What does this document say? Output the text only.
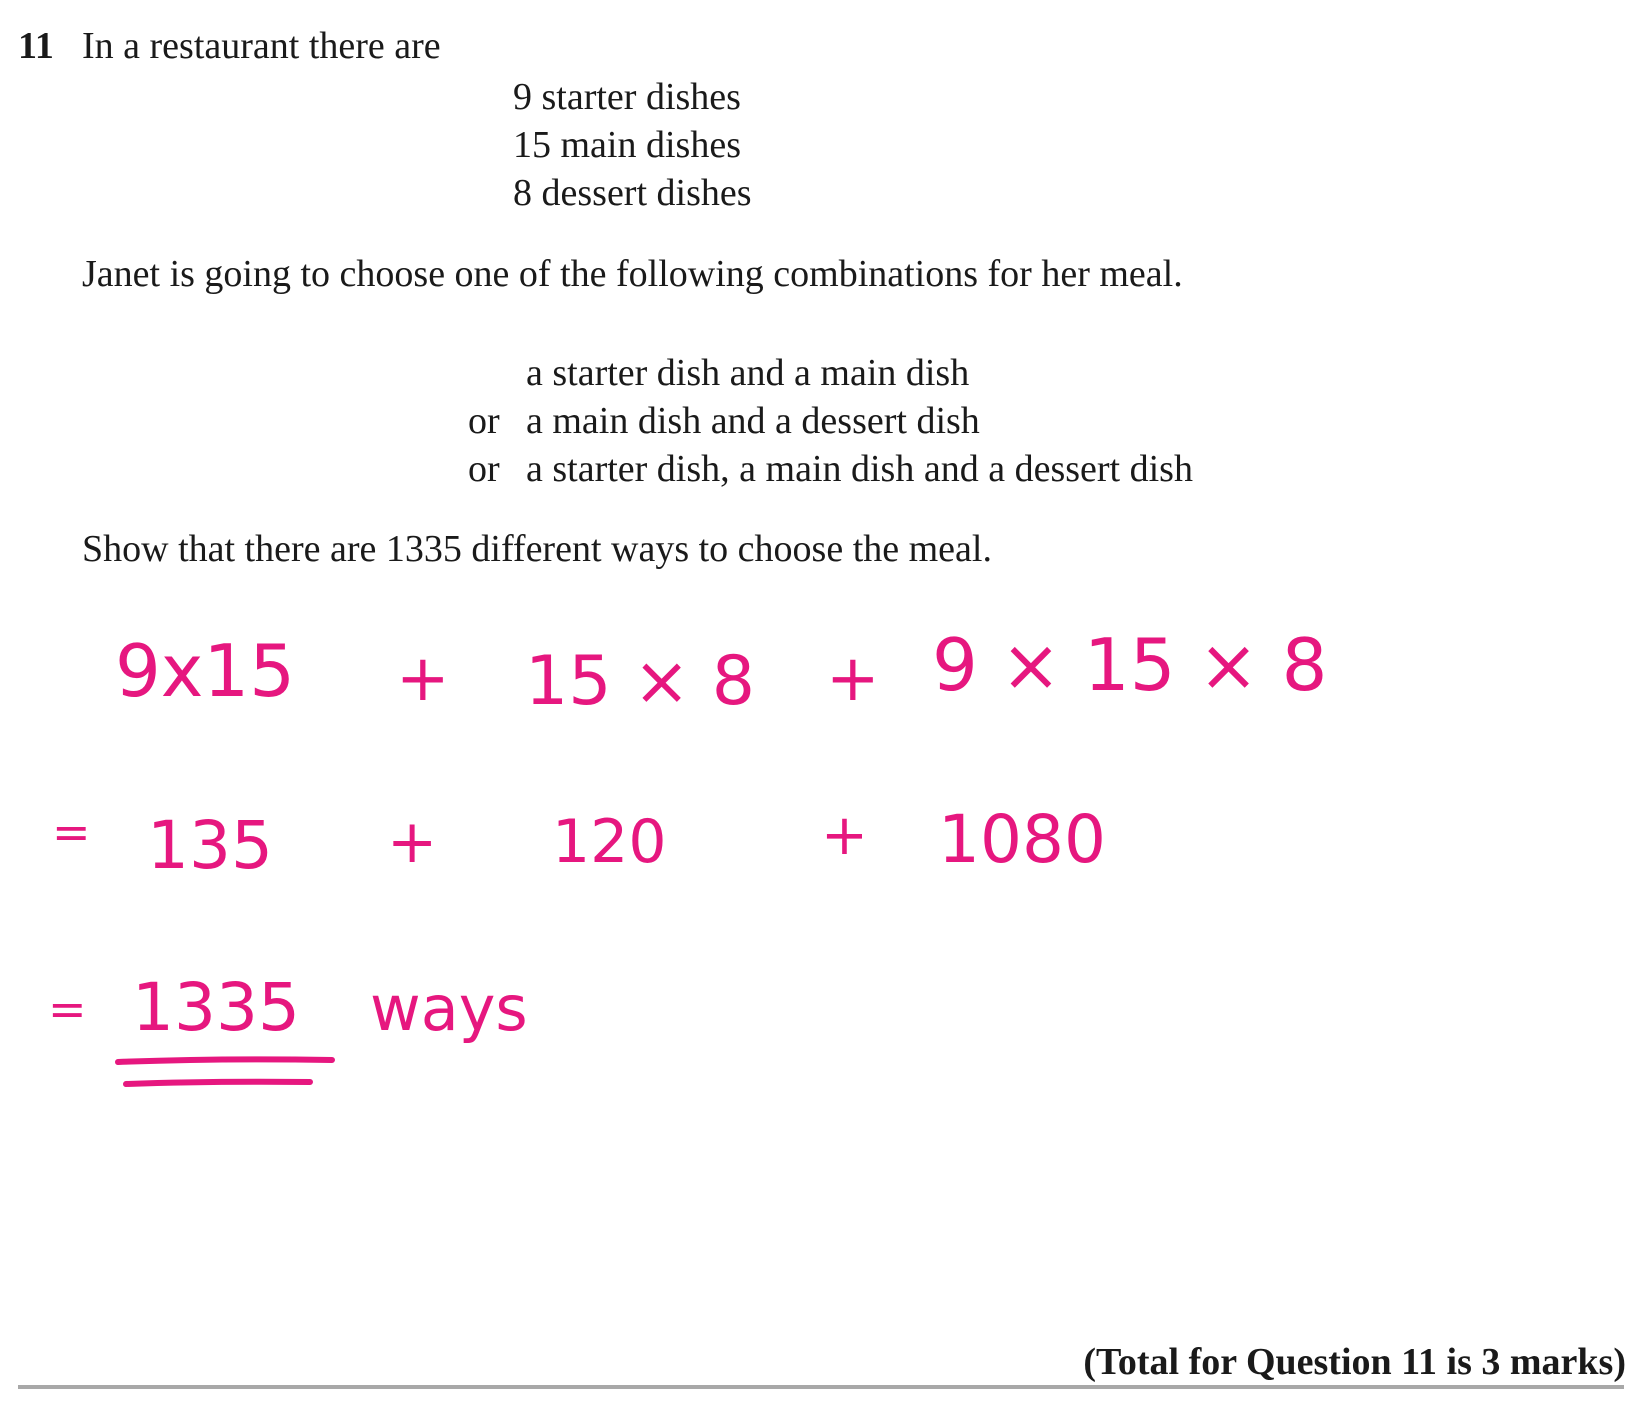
11 In a restaurant there are
9 starter dishes
15 main dishes
8 dessert dishes
Janet is going to choose one of the following combinations for her meal.
a starter dish and a main dish
or a main dish and a dessert dish
or a starter dish, a main dish and a dessert dish
Show that there are 1335 different ways to choose the meal.
9x15 + 15 × 8 + 9 × 15 × 8
= 135 + 120	+ 1080
= 1335 ways
(Total for Question 11 is 3 marks)
